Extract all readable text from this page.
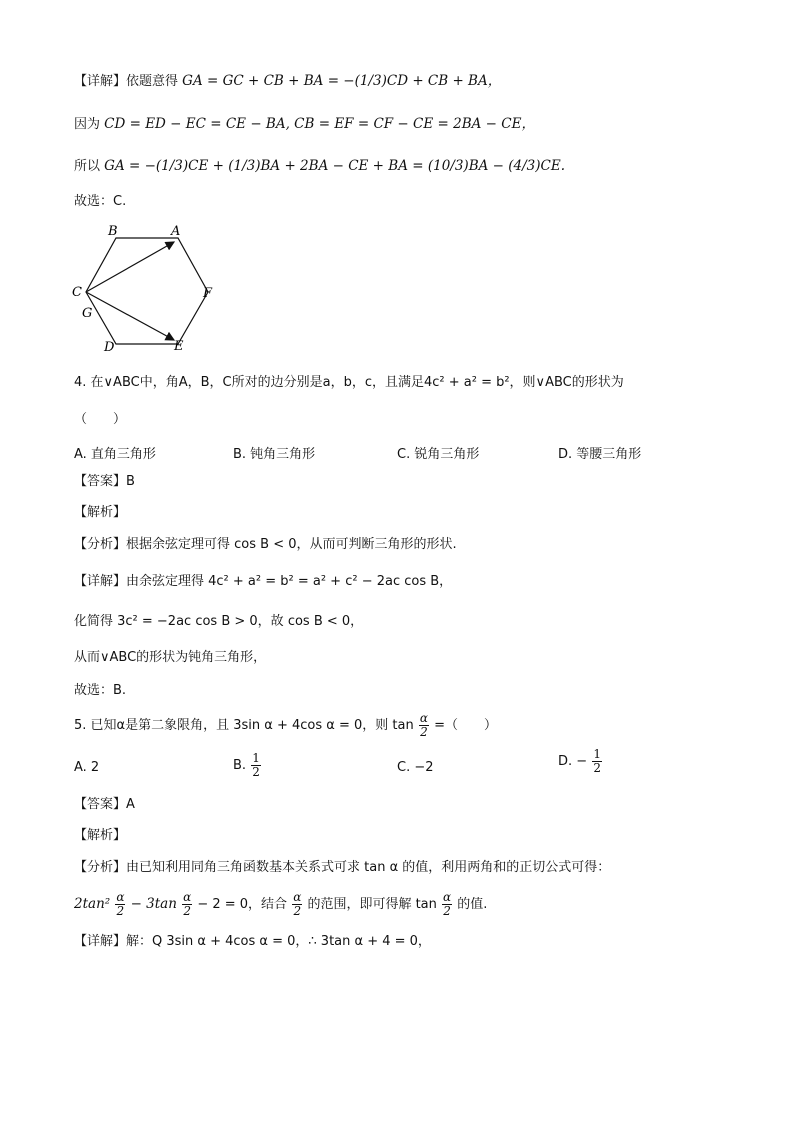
【详解】依题意得 GA = GC + CB + BA = −(1/3)CD + CB + BA，
因为 CD = ED − EC = CE − BA, CB = EF = CF − CE = 2BA − CE，
所以 GA = −(1/3)CE + (1/3)BA + 2BA − CE + BA = (10/3)BA − (4/3)CE.
故选：C.
B	A
C	F
G
D	E
4. 在∨ABC中，角A，B，C所对的边分别是a，b，c，且满足4c² + a² = b²，则∨ABC的形状为
（　　）
A. 直角三角形	B. 钝角三角形	C. 锐角三角形	D. 等腰三角形
【答案】B
【解析】
【分析】根据余弦定理可得 cos B < 0，从而可判断三角形的形状.
【详解】由余弦定理得 4c² + a² = b² = a² + c² − 2ac cos B，
化简得 3c² = −2ac cos B > 0，故 cos B < 0，
从而∨ABC的形状为钝角三角形，
故选：B.
5. 已知α是第二象限角，且 3sin α + 4cos α = 0，则 $\tan \frac{\alpha}{2}$ =（　　）
A. 2	B. $\frac{1}{2}$	C. −2	D. − $\frac{1}{2}$
【答案】A
【解析】
【分析】由已知利用同角三角函数基本关系式可求 tan α 的值，利用两角和的正切公式可得：
$2\tan^2 \frac{\alpha}{2} - 3\tan \frac{\alpha}{2} - 2 = 0$，结合 $\frac{\alpha}{2}$ 的范围，即可得解 $\tan \frac{\alpha}{2}$ 的值.
【详解】解：Q 3sin α + 4cos α = 0，∴ 3tan α + 4 = 0，
